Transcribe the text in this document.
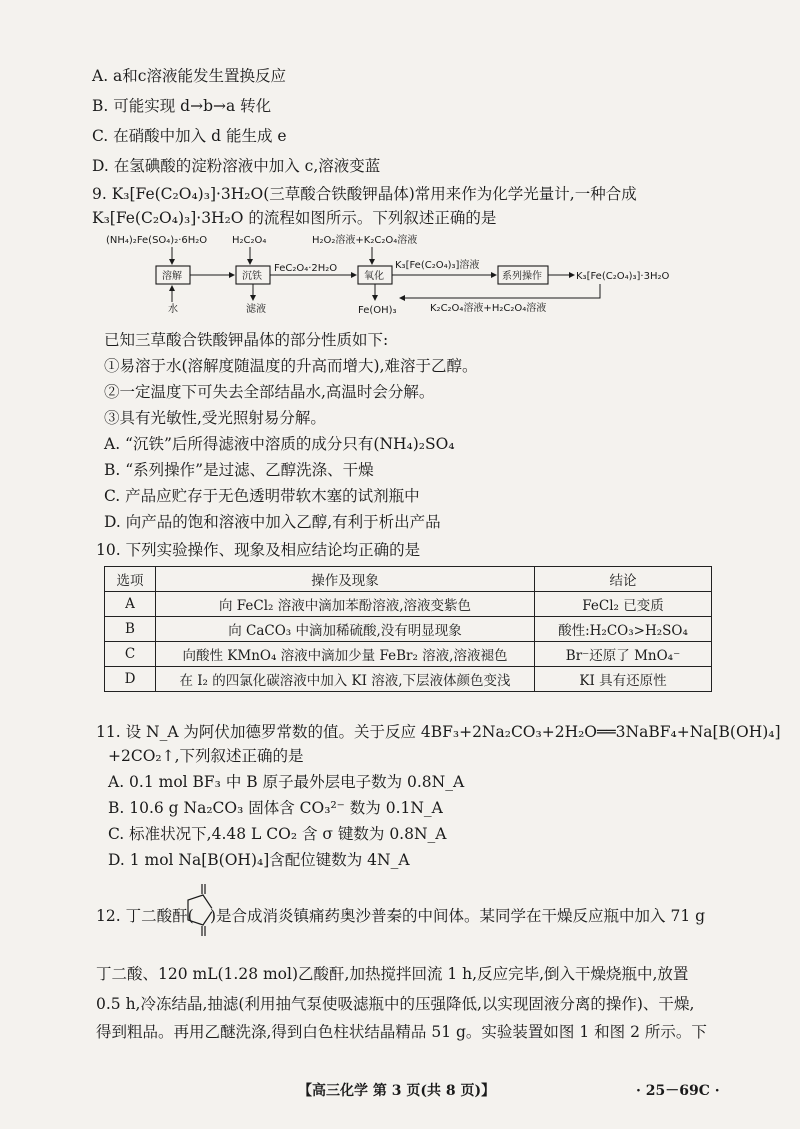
A. a和c溶液能发生置换反应
B. 可能实现 d→b→a 转化
C. 在硝酸中加入 d 能生成 e
D. 在氢碘酸的淀粉溶液中加入 c,溶液变蓝
9. K₃[Fe(C₂O₄)₃]·3H₂O(三草酸合铁酸钾晶体)常用来作为化学光量计,一种合成
K₃[Fe(C₂O₄)₃]·3H₂O 的流程如图所示。下列叙述正确的是
(NH₄)₂Fe(SO₄)₂·6H₂O H₂C₂O₄	H₂O₂溶液+K₂C₂O₄溶液
溶解	沉铁	氧化	系列操作
FeC₂O₄·2H₂O	K₃[Fe(C₂O₄)₃]溶液
K₃[Fe(C₂O₄)₃]·3H₂O
水	滤液	Fe(OH)₃	K₂C₂O₄溶液+H₂C₂O₄溶液
已知三草酸合铁酸钾晶体的部分性质如下:
①易溶于水(溶解度随温度的升高而增大),难溶于乙醇。
②一定温度下可失去全部结晶水,高温时会分解。
③具有光敏性,受光照射易分解。
A. “沉铁”后所得滤液中溶质的成分只有(NH₄)₂SO₄
B. “系列操作”是过滤、乙醇洗涤、干燥
C. 产品应贮存于无色透明带软木塞的试剂瓶中
D. 向产品的饱和溶液中加入乙醇,有利于析出产品
10. 下列实验操作、现象及相应结论均正确的是
选项	操作及现象	结论
A	向 FeCl₂ 溶液中滴加苯酚溶液,溶液变紫色	FeCl₂ 已变质
B	向 CaCO₃ 中滴加稀硫酸,没有明显现象	酸性:H₂CO₃>H₂SO₄
C	向酸性 KMnO₄ 溶液中滴加少量 FeBr₂ 溶液,溶液褪色	Br⁻还原了 MnO₄⁻
D	在 I₂ 的四氯化碳溶液中加入 KI 溶液,下层液体颜色变浅	KI 具有还原性
11. 设 N_A 为阿伏加德罗常数的值。关于反应 4BF₃+2Na₂CO₃+2H₂O══3NaBF₄+Na[B(OH)₄]
+2CO₂↑,下列叙述正确的是
A. 0.1 mol BF₃ 中 B 原子最外层电子数为 0.8N_A
B. 10.6 g Na₂CO₃ 固体含 CO₃²⁻ 数为 0.1N_A
C. 标准状况下,4.48 L CO₂ 含 σ 键数为 0.8N_A
D. 1 mol Na[B(OH)₄]含配位键数为 4N_A
12. 丁二酸酐( )是合成消炎镇痛药奥沙普秦的中间体。某同学在干燥反应瓶中加入 71 g
丁二酸、120 mL(1.28 mol)乙酸酐,加热搅拌回流 1 h,反应完毕,倒入干燥烧瓶中,放置
0.5 h,冷冻结晶,抽滤(利用抽气泵使吸滤瓶中的压强降低,以实现固液分离的操作)、干燥,
得到粗品。再用乙醚洗涤,得到白色柱状结晶精品 51 g。实验装置如图 1 和图 2 所示。下
【高三化学 第 3 页(共 8 页)】	· 25－69C ·
